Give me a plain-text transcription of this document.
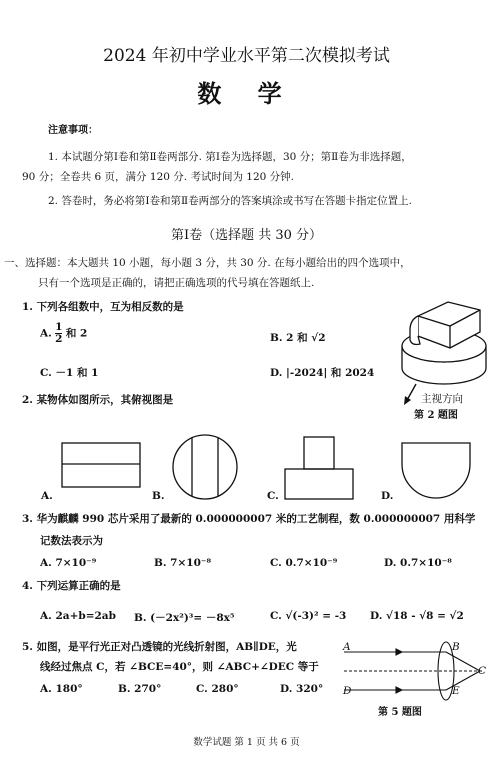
2024 年初中学业水平第二次模拟考试
数 学
注意事项：
1. 本试题分第Ⅰ卷和第Ⅱ卷两部分. 第Ⅰ卷为选择题，30 分；第Ⅱ卷为非选择题，
90 分；全卷共 6 页，满分 120 分. 考试时间为 120 分钟.
2. 答卷时，务必将第Ⅰ卷和第Ⅱ卷两部分的答案填涂或书写在答题卡指定位置上.
第Ⅰ卷（选择题 共 30 分）
一、选择题：本大题共 10 小题，每小题 3 分，共 30 分. 在每小题给出的四个选项中，
只有一个选项是正确的，请把正确选项的代号填在答题纸上.
1. 下列各组数中，互为相反数的是
A. $\frac{1}{2}$ 和 2	B. 2 和 √2
C. －1 和 1	D. |-2024| 和 2024
主视方向
第 2 题图
2. 某物体如图所示，其俯视图是
A.	B.	C.	D.
3. 华为麒麟 990 芯片采用了最新的 0.000000007 米的工艺制程，数 0.000000007 用科学
记数法表示为
A. 7×10⁻⁹	B. 7×10⁻⁸	C. 0.7×10⁻⁹	D. 0.7×10⁻⁸
4. 下列运算正确的是
A. 2a+b=2ab B. (－2x²)³= －8x⁵	C. √(-3)² = -3 D. √18 - √8 = √2
5. 如图，是平行光正对凸透镜的光线折射图，AB∥DE，光
线经过焦点 C，若 ∠BCE=40°，则 ∠ABC+∠DEC 等于
A. 180°	B. 270°	C. 280°	D. 320°
A	B
C
D	E
第 5 题图
数学试题 第 1 页 共 6 页
